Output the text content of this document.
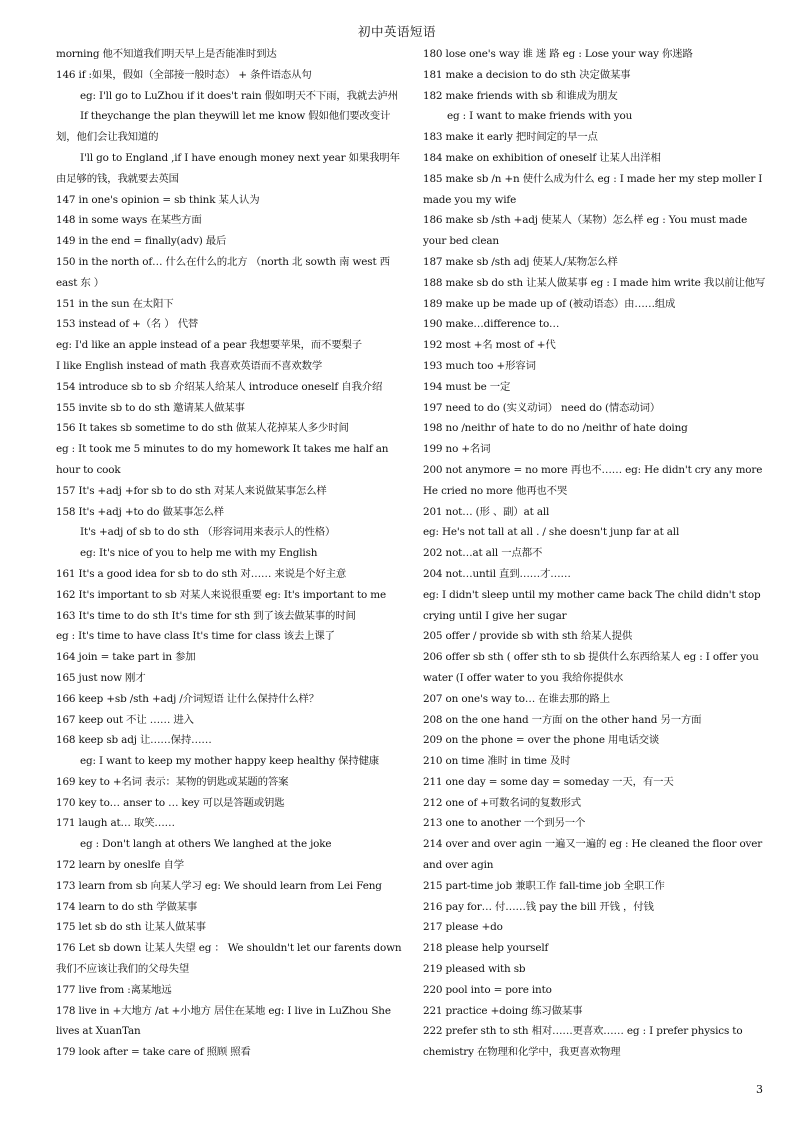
初中英语短语

morning 他不知道我们明天早上是否能准时到达

146 if :如果，假如（全部接一般时态） + 条件语态从句

eg: I'll go to LuZhou if it does't rain 假如明天不下雨，我就去泸州

If theychange the plan theywill let me know 假如他们要改变计划，他们会让我知道的

I'll go to England ,if I have enough money next year 如果我明年由足够的钱，我就要去英国

147 in one's opinion = sb think 某人认为

148 in some ways 在某些方面

149 in the end = finally(adv) 最后

150 in the north of… 什么在什么的北方 （north 北 sowth 南 west 西 east 东 ）

151 in the sun 在太阳下

153 instead of +（名 ） 代替

eg: I'd like an apple instead of a pear 我想要苹果，而不要梨子

I like English instead of math 我喜欢英语而不喜欢数学

154 introduce sb to sb 介绍某人给某人 introduce oneself 自我介绍

155 invite sb to do sth 邀请某人做某事

156 It takes sb sometime to do sth 做某人花掉某人多少时间

eg : It took me 5 minutes to do my homework It takes me half an hour to cook

157 It's +adj +for sb to do sth 对某人来说做某事怎么样

158 It's +adj +to do 做某事怎么样

It's +adj of sb to do sth （形容词用来表示人的性格）

eg: It's nice of you to help me with my English

161 It's a good idea for sb to do sth 对…… 来说是个好主意

162 It's important to sb 对某人来说很重要 eg: It's important to me

163 It's time to do sth It's time for sth 到了该去做某事的时间

eg : It's time to have class It's time for class 该去上课了

164 join = take part in 参加

165 just now 刚才

166 keep +sb /sth +adj /介词短语 让什么保持什么样？

167 keep out 不让 …… 进入

168 keep sb adj 让……保持……

eg: I want to keep my mother happy keep healthy 保持健康

169 key to +名词 表示：某物的钥匙或某题的答案

170 key to… anser to … key 可以是答题或钥匙

171 laugh at… 取笑……

eg : Don't langh at others We langhed at the joke

172 learn by oneslfe 自学

173 learn from sb 向某人学习 eg: We should learn from Lei Feng

174 learn to do sth 学做某事

175 let sb do sth 让某人做某事

176 Let sb down 让某人失望 eg ： We shouldn't let our farents down 我们不应该让我们的父母失望

177 live from :离某地远

178 live in +大地方 /at +小地方 居住在某地 eg: I live in LuZhou She lives at XuanTan

179 look after = take care of 照顾 照看

180 lose one's way 谁 迷 路 eg : Lose your way 你迷路

181 make a decision to do sth 决定做某事

182 make friends with sb 和谁成为朋友

eg : I want to make friends with you

183 make it early 把时间定的早一点

184 make on exhibition of oneself 让某人出洋相

185 make sb /n +n 使什么成为什么 eg : I made her my step moller I made you my wife

186 make sb /sth +adj 使某人（某物）怎么样 eg : You must made your bed clean

187 make sb /sth adj 使某人/某物怎么样

188 make sb do sth 让某人做某事 eg : I made him write 我以前让他写

189 make up be made up of (被动语态）由……组成

190 make…difference to…

192 most +名 most of +代

193 much too +形容词

194 must be 一定

197 need to do (实义动词） need do (情态动词）

198 no /neithr of hate to do no /neithr of hate doing

199 no +名词

200 not anymore = no more 再也不…… eg: He didn't cry any more He cried no more 他再也不哭

201 not… (形 、副）at all

eg: He's not tall at all . / she doesn't junp far at all

202 not…at all 一点都不

204 not…until 直到……才……

eg: I didn't sleep until my mother came back The child didn't stop crying until I give her sugar

205 offer / provide sb with sth 给某人提供

206 offer sb sth ( offer sth to sb 提供什么东西给某人 eg : I offer you water (I offer water to you 我给你提供水

207 on one's way to… 在谁去那的路上

208 on the one hand 一方面 on the other hand 另一方面

209 on the phone = over the phone 用电话交谈

210 on time 准时 in time 及时

211 one day = some day = someday 一天，有一天

212 one of +可数名词的复数形式

213 one to another 一个到另一个

214 over and over agin 一遍又一遍的 eg : He cleaned the floor over and over agin

215 part-time job 兼职工作 fall-time job 全职工作

216 pay for… 付……钱 pay the bill 开钱 ，付钱

217 please +do

218 please help yourself

219 pleased with sb

220 pool into = pore into

221 practice +doing 练习做某事

222 prefer sth to sth 相对……更喜欢…… eg : I prefer physics to chemistry 在物理和化学中，我更喜欢物理

3
